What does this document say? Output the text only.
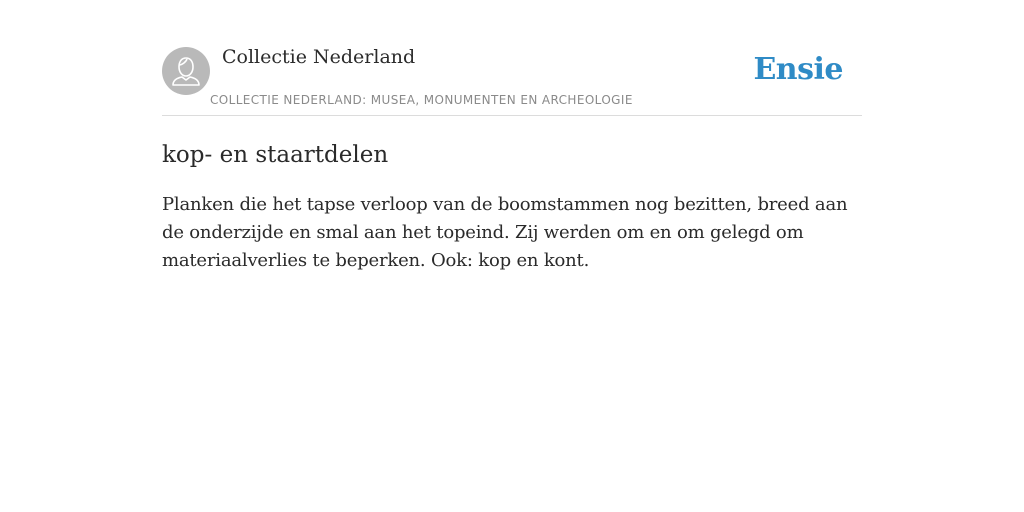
Collectie Nederland
COLLECTIE NEDERLAND: MUSEA, MONUMENTEN EN ARCHEOLOGIE
Ensie
kop- en staartdelen

Planken die het tapse verloop van de boomstammen nog bezitten, breed aan de onderzijde en smal aan het topeind. Zij werden om en om gelegd om materiaalverlies te beperken. Ook: kop en kont.
